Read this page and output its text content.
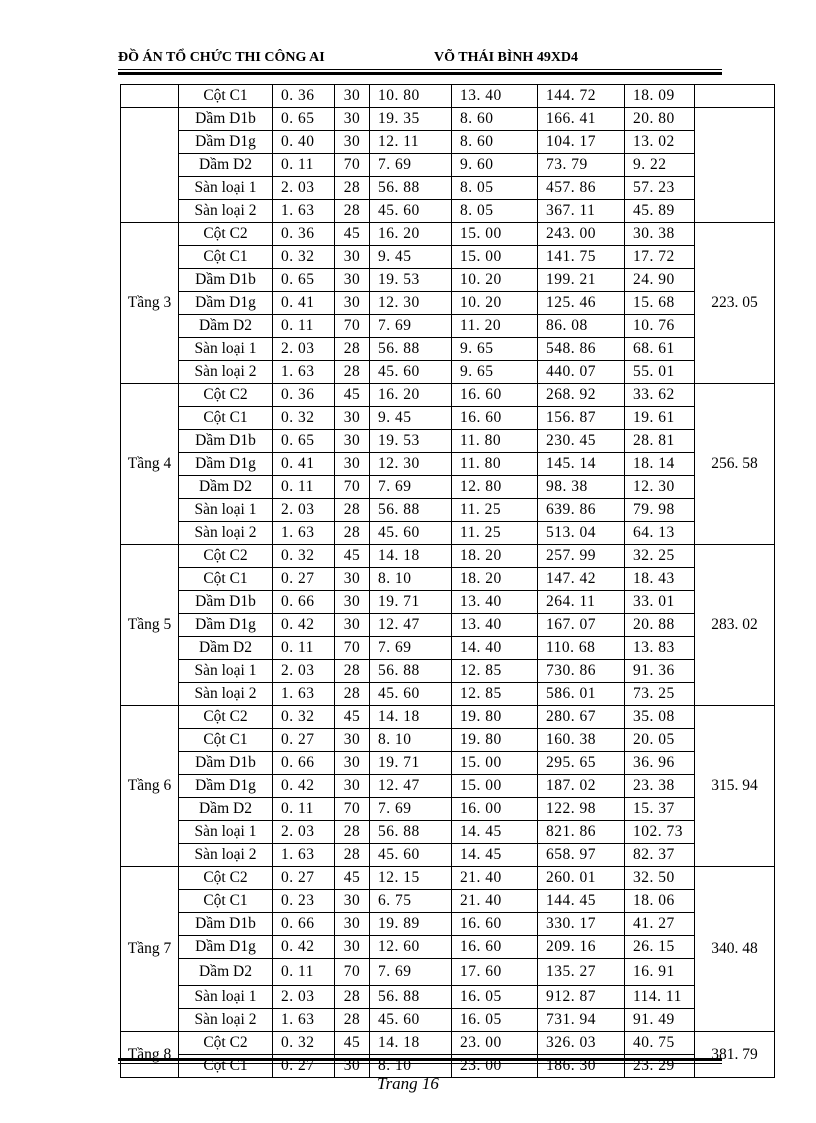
ĐỒ ÁN TỔ CHỨC THI CÔNG AI	VÕ THÁI BÌNH 49XD4
	Cột C1	0. 36	30	10. 80	13. 40	144. 72	18. 09	
	Dầm D1b	0. 65	30	19. 35	8. 60	166. 41	20. 80	
	Dầm D1g	0. 40	30	12. 11	8. 60	104. 17	13. 02	
	Dầm D2	0. 11	70	7. 69	9. 60	73. 79	9. 22	
	Sàn loại 1	2. 03	28	56. 88	8. 05	457. 86	57. 23	
	Sàn loại 2	1. 63	28	45. 60	8. 05	367. 11	45. 89	
Tầng 3	Cột C2	0. 36	45	16. 20	15. 00	243. 00	30. 38	223. 05
	Cột C1	0. 32	30	9. 45	15. 00	141. 75	17. 72	
	Dầm D1b	0. 65	30	19. 53	10. 20	199. 21	24. 90	
	Dầm D1g	0. 41	30	12. 30	10. 20	125. 46	15. 68	
	Dầm D2	0. 11	70	7. 69	11. 20	86. 08	10. 76	
	Sàn loại 1	2. 03	28	56. 88	9. 65	548. 86	68. 61	
	Sàn loại 2	1. 63	28	45. 60	9. 65	440. 07	55. 01	
Tầng 4	Cột C2	0. 36	45	16. 20	16. 60	268. 92	33. 62	256. 58
	Cột C1	0. 32	30	9. 45	16. 60	156. 87	19. 61	
	Dầm D1b	0. 65	30	19. 53	11. 80	230. 45	28. 81	
	Dầm D1g	0. 41	30	12. 30	11. 80	145. 14	18. 14	
	Dầm D2	0. 11	70	7. 69	12. 80	98. 38	12. 30	
	Sàn loại 1	2. 03	28	56. 88	11. 25	639. 86	79. 98	
	Sàn loại 2	1. 63	28	45. 60	11. 25	513. 04	64. 13	
Tầng 5	Cột C2	0. 32	45	14. 18	18. 20	257. 99	32. 25	283. 02
	Cột C1	0. 27	30	8. 10	18. 20	147. 42	18. 43	
	Dầm D1b	0. 66	30	19. 71	13. 40	264. 11	33. 01	
	Dầm D1g	0. 42	30	12. 47	13. 40	167. 07	20. 88	
	Dầm D2	0. 11	70	7. 69	14. 40	110. 68	13. 83	
	Sàn loại 1	2. 03	28	56. 88	12. 85	730. 86	91. 36	
	Sàn loại 2	1. 63	28	45. 60	12. 85	586. 01	73. 25	
Tầng 6	Cột C2	0. 32	45	14. 18	19. 80	280. 67	35. 08	315. 94
	Cột C1	0. 27	30	8. 10	19. 80	160. 38	20. 05	
	Dầm D1b	0. 66	30	19. 71	15. 00	295. 65	36. 96	
	Dầm D1g	0. 42	30	12. 47	15. 00	187. 02	23. 38	
	Dầm D2	0. 11	70	7. 69	16. 00	122. 98	15. 37	
	Sàn loại 1	2. 03	28	56. 88	14. 45	821. 86	102. 73	
	Sàn loại 2	1. 63	28	45. 60	14. 45	658. 97	82. 37	
Tầng 7	Cột C2	0. 27	45	12. 15	21. 40	260. 01	32. 50	340. 48
	Cột C1	0. 23	30	6. 75	21. 40	144. 45	18. 06	
	Dầm D1b	0. 66	30	19. 89	16. 60	330. 17	41. 27	
	Dầm D1g	0. 42	30	12. 60	16. 60	209. 16	26. 15	
	Dầm D2	0. 11	70	7. 69	17. 60	135. 27	16. 91	
	Sàn loại 1	2. 03	28	56. 88	16. 05	912. 87	114. 11	
	Sàn loại 2	1. 63	28	45. 60	16. 05	731. 94	91. 49	
Tầng 8	Cột C2	0. 32	45	14. 18	23. 00	326. 03	40. 75	381. 79
	Cột C1	0. 27	30	8. 10	23. 00	186. 30	23. 29	
Trang 16
